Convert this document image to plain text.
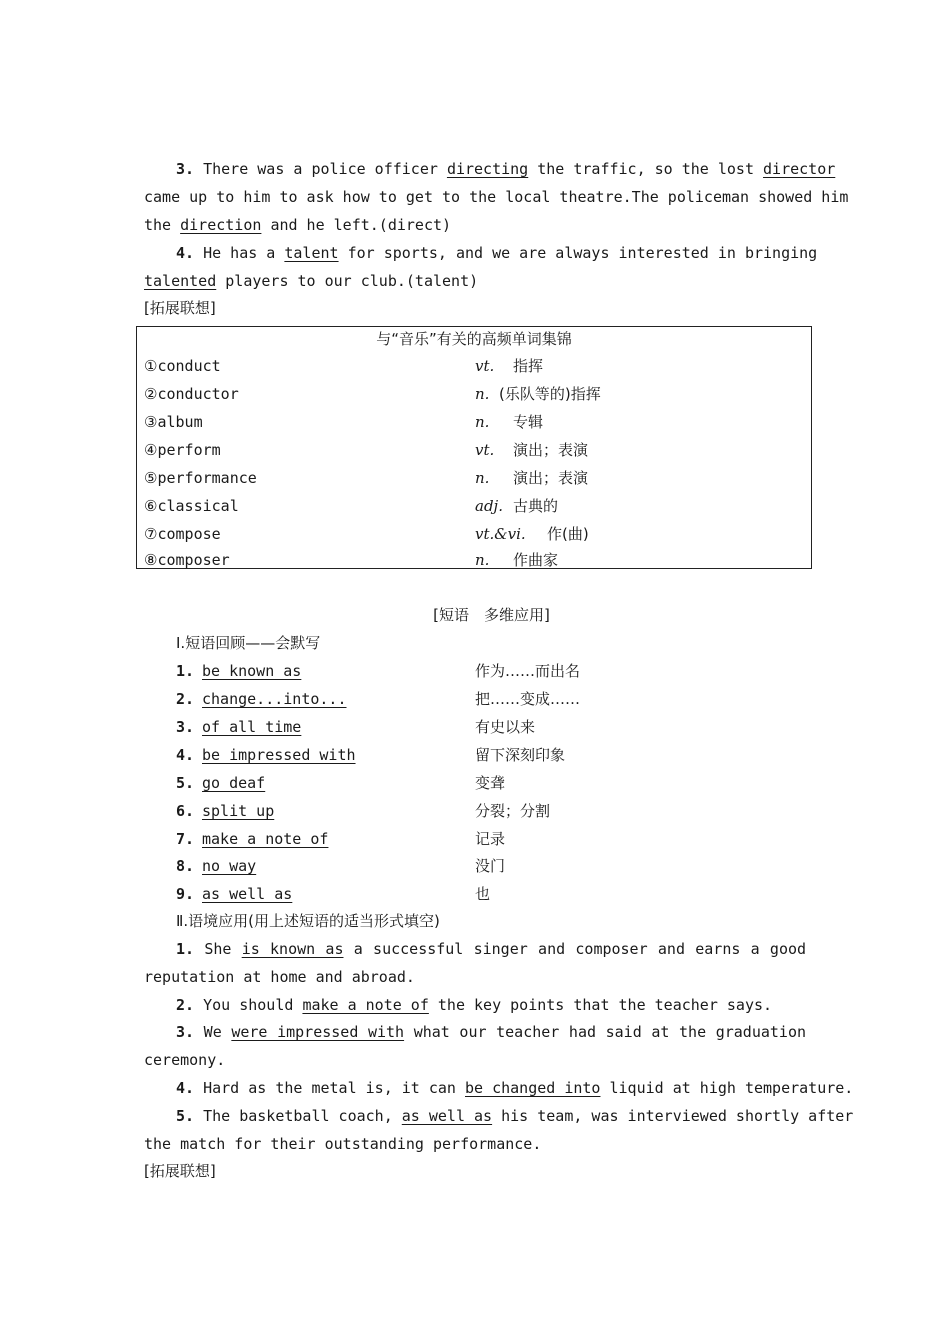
3. There was a police officer directing the traffic, so the lost director
came up to him to ask how to get to the local theatre.The policeman showed him
the direction and he left.(direct)
4. He has a talent for sports, and we are always interested in bringing
talented players to our club.(talent)
[拓展联想]
与“音乐”有关的高频单词集锦
①conduct	vt. 指挥
②conductor	n. (乐队等的)指挥
③album	n. 专辑
④perform	vt. 演出；表演
⑤performance	n. 演出；表演
⑥classical	adj. 古典的
⑦compose	vt.&vi. 作(曲)
⑧composer	n. 作曲家
[短语　多维应用]
Ⅰ.短语回顾——会默写
1. be known as	作为……而出名
2. change...into...	把……变成……
3. of all time	有史以来
4. be impressed with	留下深刻印象
5. go deaf	变聋
6. split up	分裂；分割
7. make a note of	记录
8. no way	没门
9. as well as	也
Ⅱ.语境应用(用上述短语的适当形式填空)
1. She is known as a successful singer and composer and earns a good
reputation at home and abroad.
2. You should make a note of the key points that the teacher says.
3. We were impressed with what our teacher had said at the graduation
ceremony.
4. Hard as the metal is, it can be changed into liquid at high temperature.
5. The basketball coach, as well as his team, was interviewed shortly after
the match for their outstanding performance.
[拓展联想]
